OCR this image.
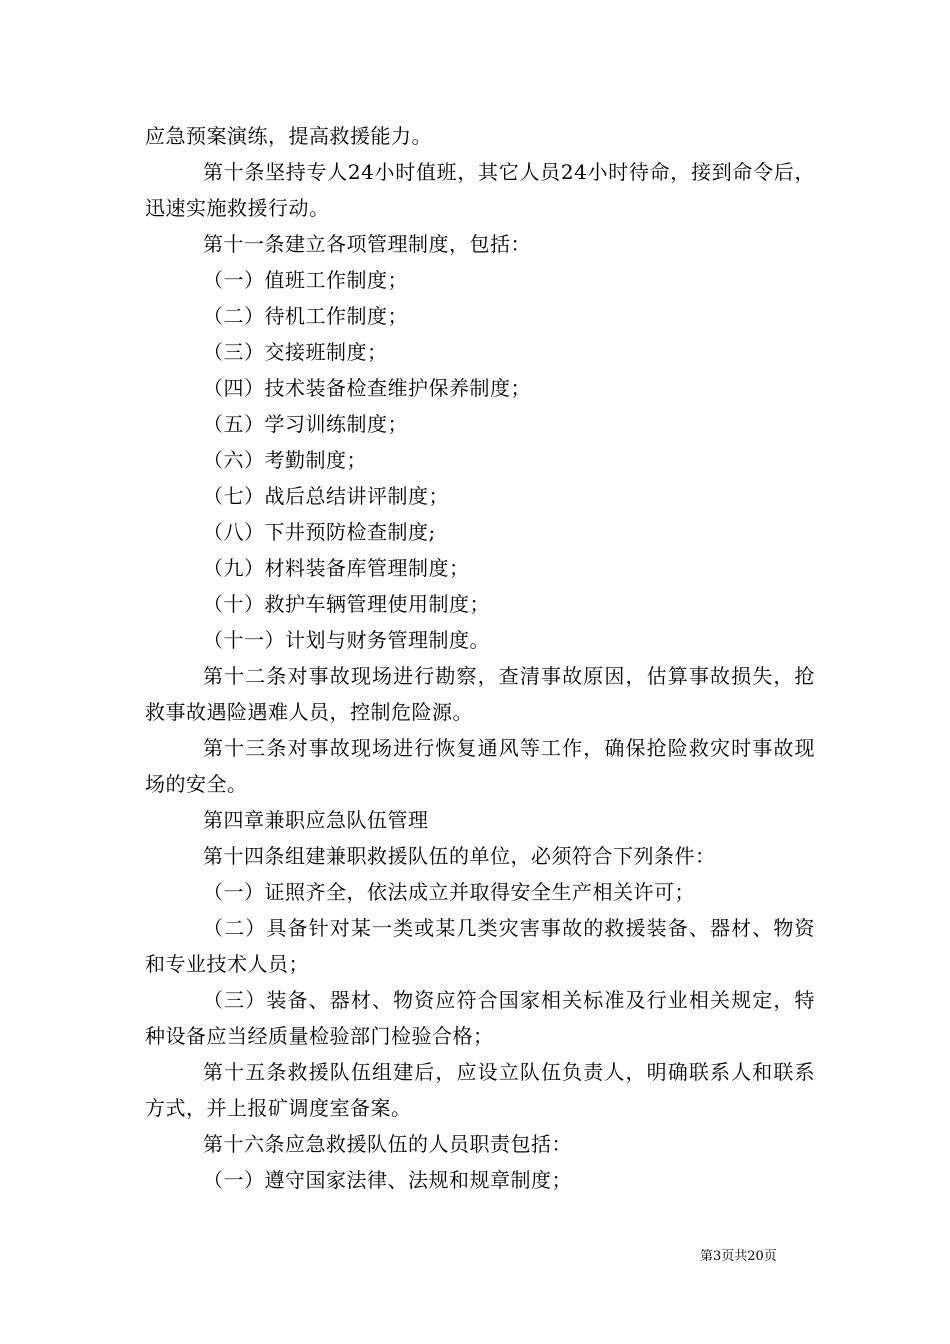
应急预案演练，提高救援能力。

第十条坚持专人24小时值班，其它人员24小时待命，接到命令后，迅速实施救援行动。

第十一条建立各项管理制度，包括：

（一）值班工作制度；

（二）待机工作制度；

（三）交接班制度；

（四）技术装备检查维护保养制度；

（五）学习训练制度；

（六）考勤制度；

（七）战后总结讲评制度；

（八）下井预防检查制度;

（九）材料装备库管理制度；

（十）救护车辆管理使用制度；

（十一）计划与财务管理制度。

第十二条对事故现场进行勘察，查清事故原因，估算事故损失，抢救事故遇险遇难人员，控制危险源。

第十三条对事故现场进行恢复通风等工作，确保抢险救灾时事故现场的安全。

第四章兼职应急队伍管理

第十四条组建兼职救援队伍的单位，必须符合下列条件：

（一）证照齐全，依法成立并取得安全生产相关许可；

（二）具备针对某一类或某几类灾害事故的救援装备、器材、物资和专业技术人员；

（三）装备、器材、物资应符合国家相关标准及行业相关规定，特种设备应当经质量检验部门检验合格；

第十五条救援队伍组建后，应设立队伍负责人，明确联系人和联系方式，并上报矿调度室备案。

第十六条应急救援队伍的人员职责包括：

（一）遵守国家法律、法规和规章制度；

第3页共20页
